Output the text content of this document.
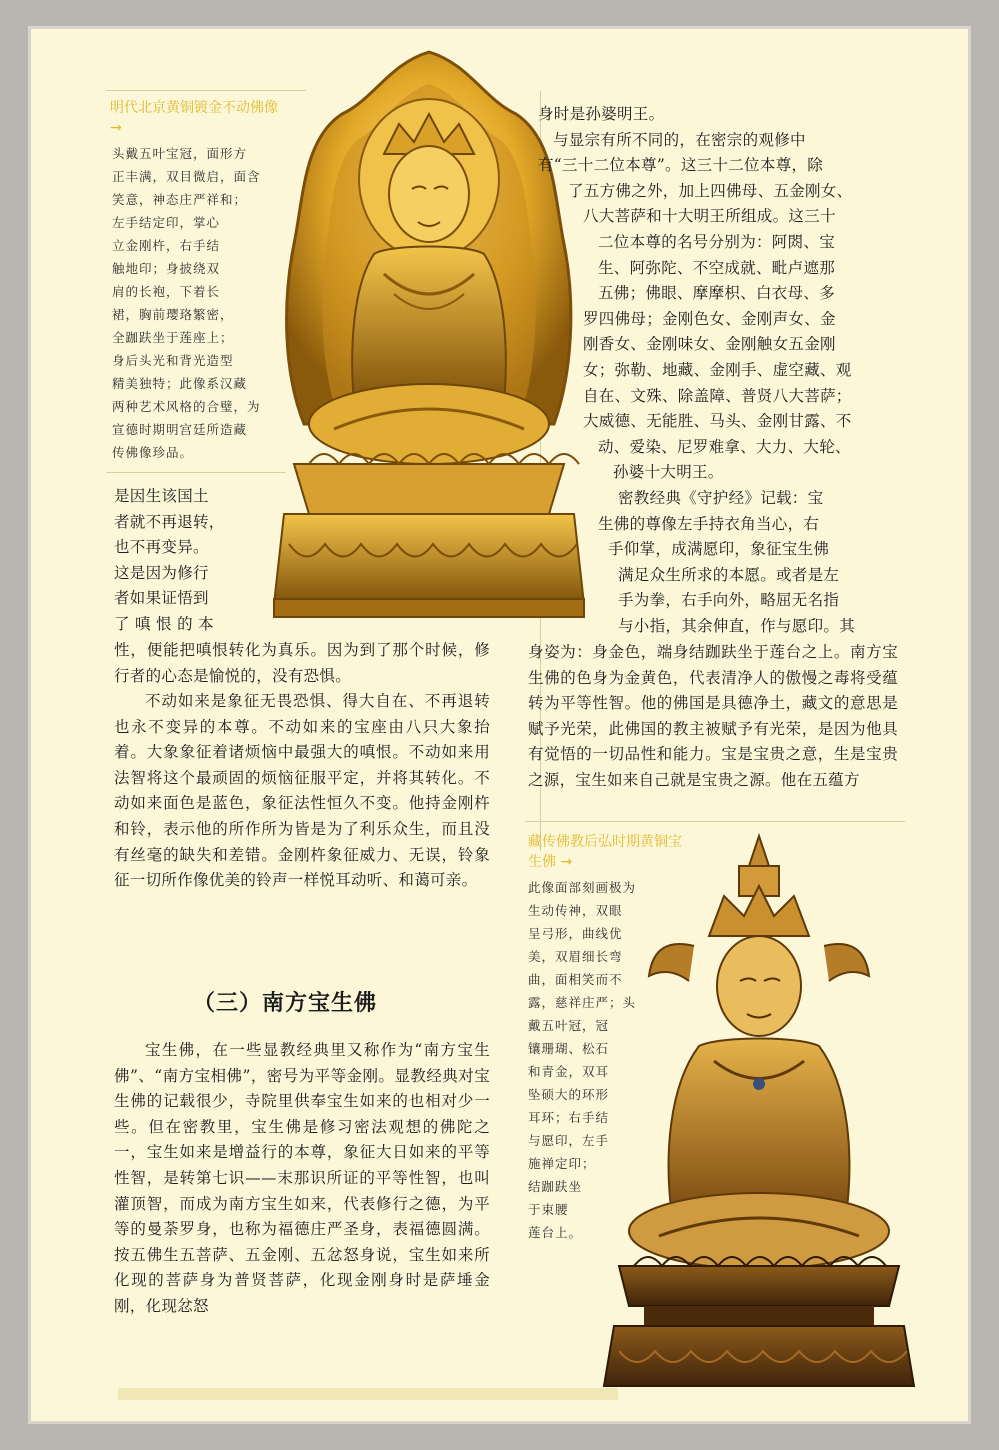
明代北京黄铜镀金不动佛像
→
头戴五叶宝冠，面形方
正丰满，双目微启，面含
笑意，神态庄严祥和；
左手结定印，掌心
立金刚杵，右手结
触地印；身披绕双
肩的长袍，下着长
裙，胸前璎珞繁密，
全跏趺坐于莲座上；
身后头光和背光造型
精美独特；此像系汉藏
两种艺术风格的合璧，为
宣德时期明宫廷所造藏
传佛像珍品。
是因生该国土
者就不再退转，
也不再变异。
这是因为修行
者如果证悟到
了 嗔 恨 的 本

性，便能把嗔恨转化为真乐。因为到了那个时候，修行者的心态是愉悦的，没有恐惧。

不动如来是象征无畏恐惧、得大自在、不再退转也永不变异的本尊。不动如来的宝座由八只大象抬着。大象象征着诸烦恼中最强大的嗔恨。不动如来用法智将这个最顽固的烦恼征服平定，并将其转化。不动如来面色是蓝色，象征法性恒久不变。他持金刚杵和铃，表示他的所作所为皆是为了利乐众生，而且没有丝毫的缺失和差错。金刚杵象征威力、无误，铃象征一切所作像优美的铃声一样悦耳动听、和蔼可亲。

（三）南方宝生佛

宝生佛，在一些显教经典里又称作为“南方宝生佛”、“南方宝相佛”，密号为平等金刚。显教经典对宝生佛的记载很少，寺院里供奉宝生如来的也相对少一些。但在密教里，宝生佛是修习密法观想的佛陀之一，宝生如来是增益行的本尊，象征大日如来的平等性智，是转第七识——末那识所证的平等性智，也叫灌顶智，而成为南方宝生如来，代表修行之德，为平等的曼荼罗身，也称为福德庄严圣身，表福德圆满。按五佛生五菩萨、五金刚、五忿怒身说，宝生如来所化现的菩萨身为普贤菩萨，化现金刚身时是萨埵金刚，化现忿怒

身时是孙婆明王。
与显宗有所不同的，在密宗的观修中
有“三十二位本尊”。这三十二位本尊，除
了五方佛之外，加上四佛母、五金刚女、
八大菩萨和十大明王所组成。这三十
二位本尊的名号分别为：阿閦、宝
生、阿弥陀、不空成就、毗卢遮那
五佛；佛眼、摩摩枳、白衣母、多
罗四佛母；金刚色女、金刚声女、金
刚香女、金刚味女、金刚触女五金刚
女；弥勒、地藏、金刚手、虚空藏、观
自在、文殊、除盖障、普贤八大菩萨；
大威德、无能胜、马头、金刚甘露、不
动、爱染、尼罗难拿、大力、大轮、
孙婆十大明王。
密教经典《守护经》记载：宝
生佛的尊像左手持衣角当心，右
手仰掌，成满愿印，象征宝生佛
满足众生所求的本愿。或者是左
手为拳，右手向外，略屈无名指
与小指，其余伸直，作与愿印。其

身姿为：身金色，端身结跏趺坐于莲台之上。南方宝生佛的色身为金黄色，代表清净人的傲慢之毒将受蕴转为平等性智。他的佛国是具德净土，藏文的意思是赋予光荣，此佛国的教主被赋予有光荣，是因为他具有觉悟的一切品性和能力。宝是宝贵之意，生是宝贵之源，宝生如来自己就是宝贵之源。他在五蕴方

藏传佛教后弘时期黄铜宝
生佛 →
此像面部刻画极为
生动传神，双眼
呈弓形，曲线优
美，双眉细长弯
曲，面相笑而不
露，慈祥庄严；头
戴五叶冠，冠
镶珊瑚、松石
和青金，双耳
坠硕大的环形
耳环；右手结
与愿印，左手
施禅定印；
结跏趺坐
于束腰
莲台上。
